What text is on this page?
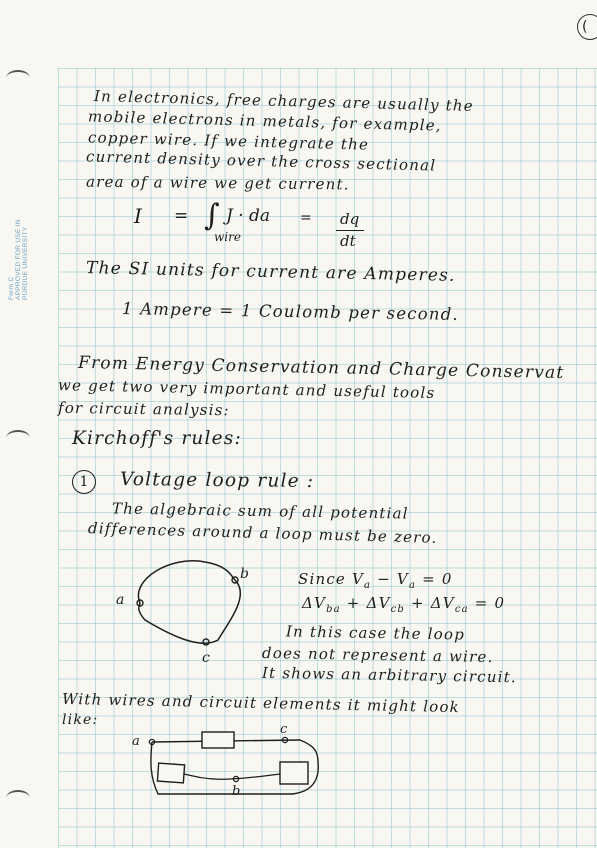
Form C APPROVED FOR USE IN PURDUE UNIVERSITY
(
In electronics, free charges are usually the
mobile electrons in metals, for example,
copper wire. If we integrate the
current density over the cross sectional
area of a wire we get current.
I = ∫
wire
J · da = dq
dt
The SI units for current are Amperes.
1 Ampere = 1 Coulomb per second.
From Energy Conservation and Charge Conservat
we get two very important and useful tools
for circuit analysis:
Kirchoff's rules:
1	Voltage loop rule :
The algebraic sum of all potential
differences around a loop must be zero.
a
b
c
Since $V_a - V_a = 0$
$\Delta V_{ba} + \Delta V_{cb} + \Delta V_{ca} = 0$
In this case the loop
does not represent a wire.
It shows an arbitrary circuit.
With wires and circuit elements it might look
like:
a
c
b
